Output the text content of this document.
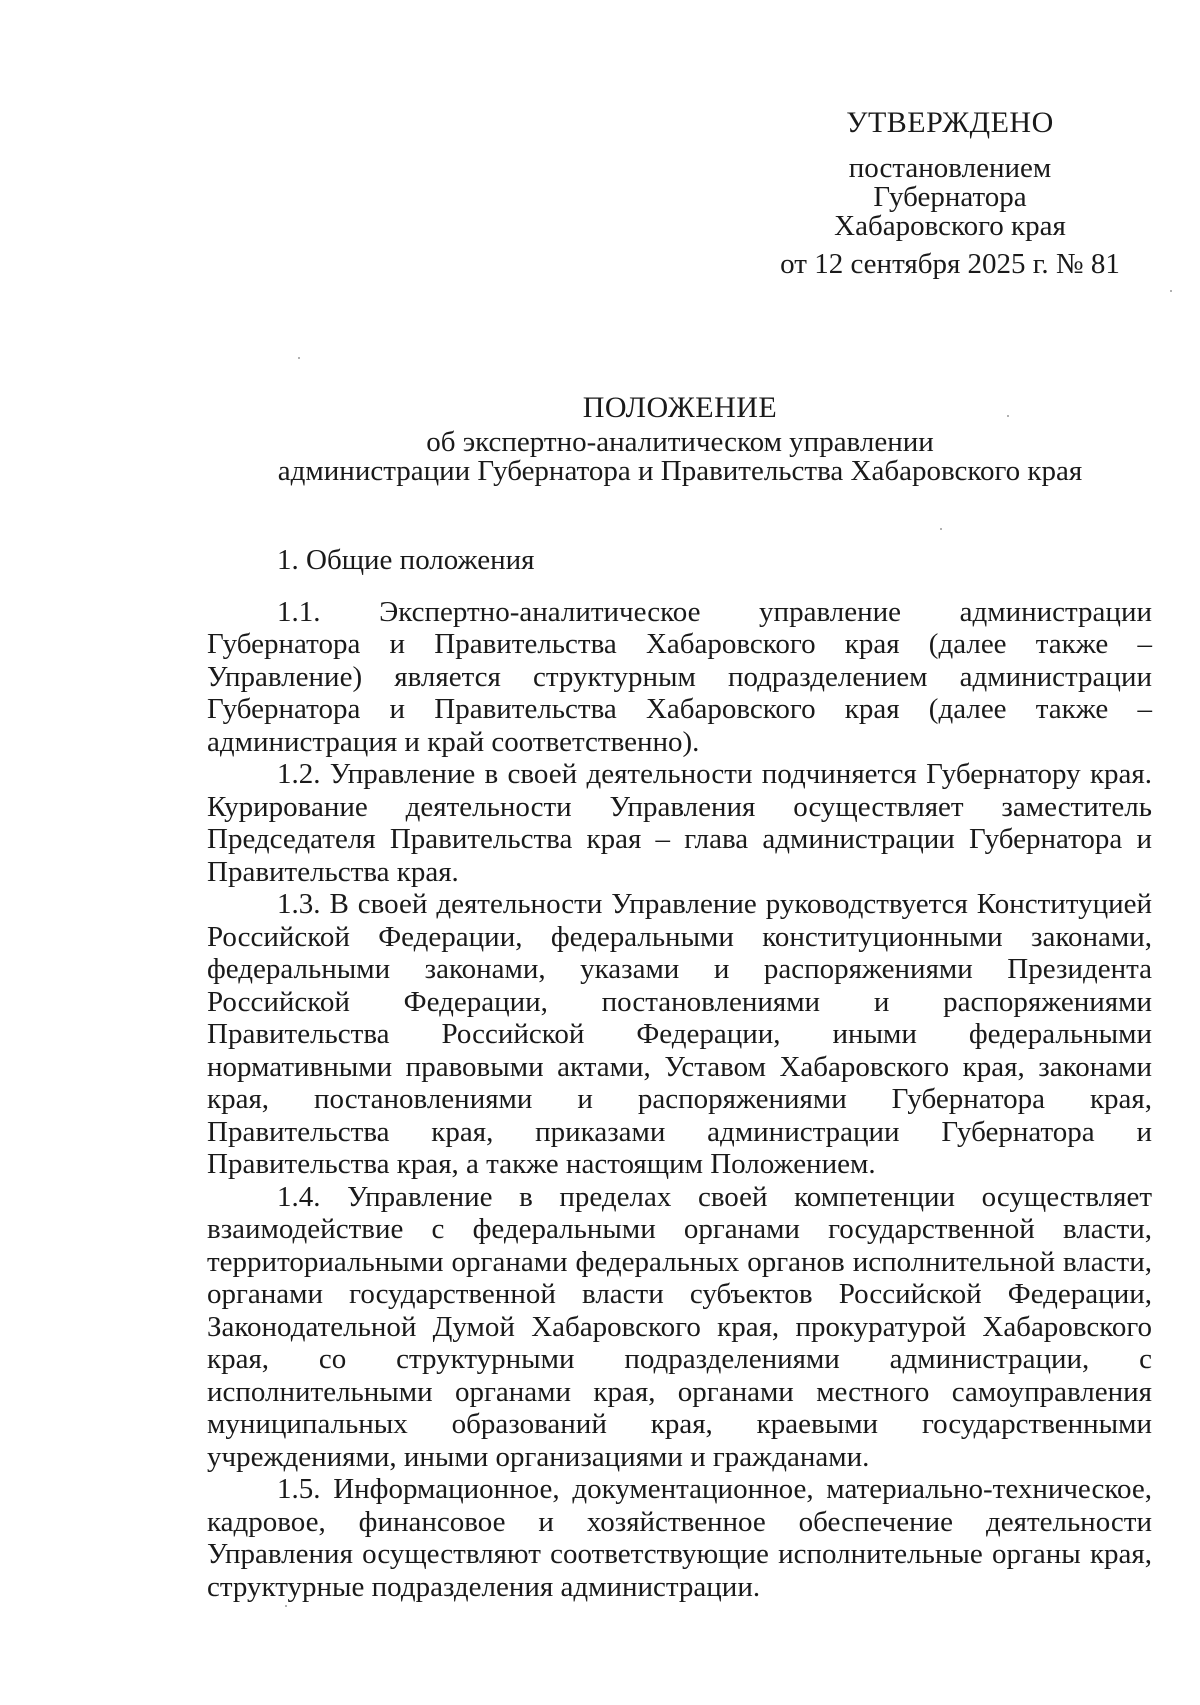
УТВЕРЖДЕНО
постановлением
Губернатора
Хабаровского края
от 12 сентября 2025 г. № 81
ПОЛОЖЕНИЕ
об экспертно-аналитическом управлении
администрации Губернатора и Правительства Хабаровского края
1. Общие положения

1.1. Экспертно-аналитическое управление администрации Губернатора и Правительства Хабаровского края (далее также – Управление) является структурным подразделением администрации Губернатора и Правительства Хабаровского края (далее также – администрация и край соответственно).

1.2. Управление в своей деятельности подчиняется Губернатору края. Курирование деятельности Управления осуществляет заместитель Председателя Правительства края – глава администрации Губернатора и Правительства края.

1.3. В своей деятельности Управление руководствуется Конституцией Российской Федерации, федеральными конституционными законами, федеральными законами, указами и распоряжениями Президента Российской Федерации, постановлениями и распоряжениями Правительства Российской Федерации, иными федеральными нормативными правовыми актами, Уставом Хабаровского края, законами края, постановлениями и распоряжениями Губернатора края, Правительства края, приказами администрации Губернатора и Правительства края, а также настоящим Положением.

1.4. Управление в пределах своей компетенции осуществляет взаимодействие с федеральными органами государственной власти, территориальными органами федеральных органов исполнительной власти, органами государственной власти субъектов Российской Федерации, Законодательной Думой Хабаровского края, прокуратурой Хабаровского края, со структурными подразделениями администрации, с исполнительными органами края, органами местного самоуправления муниципальных образований края, краевыми государственными учреждениями, иными организациями и гражданами.

1.5. Информационное, документационное, материально-техническое, кадровое, финансовое и хозяйственное обеспечение деятельности Управления осуществляют соответствующие исполнительные органы края, структурные подразделения администрации.
